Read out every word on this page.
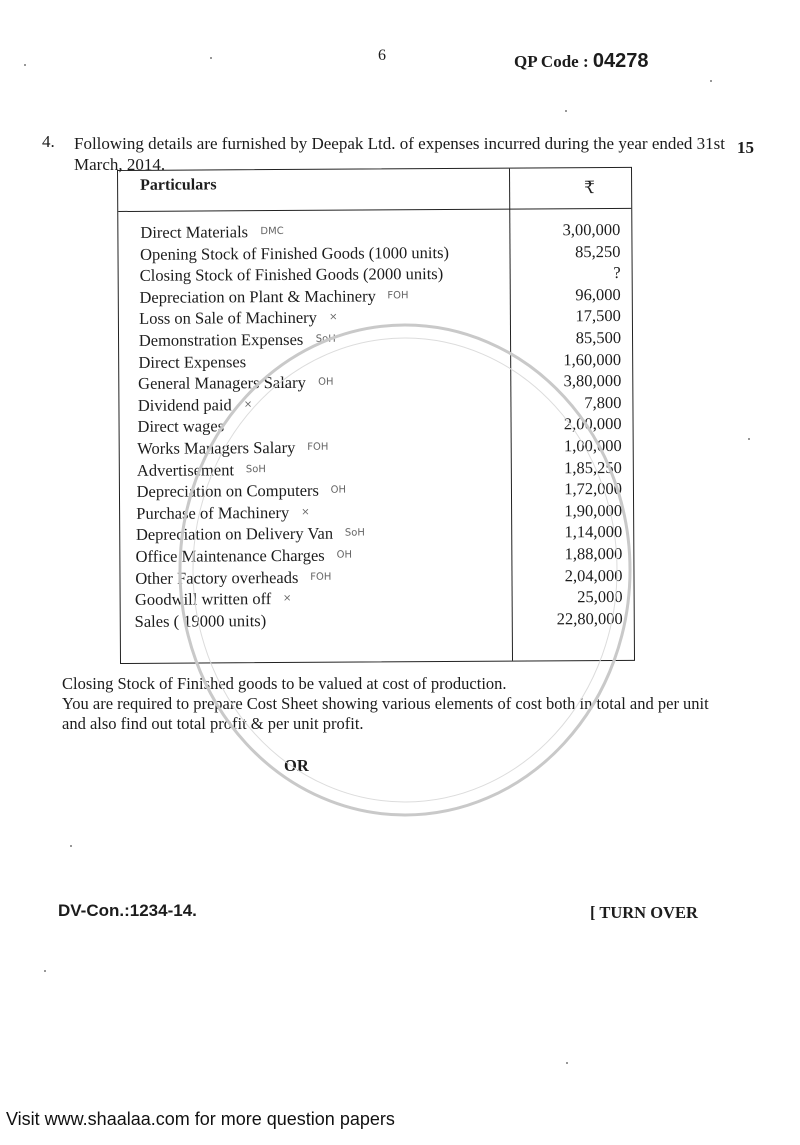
6	QP Code : 04278
4. Following details are furnished by Deepak Ltd. of expenses incurred during the year ended 31st March, 2014.
15
Particulars	₹
Direct Materials DMC	3,00,000
Opening Stock of Finished Goods (1000 units)	85,250
Closing Stock of Finished Goods (2000 units)	?
Depreciation on Plant & Machinery FOH	96,000
Loss on Sale of Machinery ×	17,500
Demonstration Expenses SoH	85,500
Direct Expenses	1,60,000
General Managers Salary OH	3,80,000
Dividend paid ×	7,800
Direct wages	2,00,000
Works Managers Salary FOH	1,00,000
Advertisement SoH	1,85,250
Depreciation on Computers OH	1,72,000
Purchase of Machinery ×	1,90,000
Depreciation on Delivery Van SoH	1,14,000
Office Maintenance Charges OH	1,88,000
Other Factory overheads FOH	2,04,000
Goodwill written off ×	25,000
Sales ( 19000 units)	22,80,000
Closing Stock of Finished goods to be valued at cost of production.
You are required to prepare Cost Sheet showing various elements of cost both in total and per unit and also find out total profit & per unit profit.
OR
DV-Con.:1234-14.	[ TURN OVER
Visit www.shaalaa.com for more question papers
